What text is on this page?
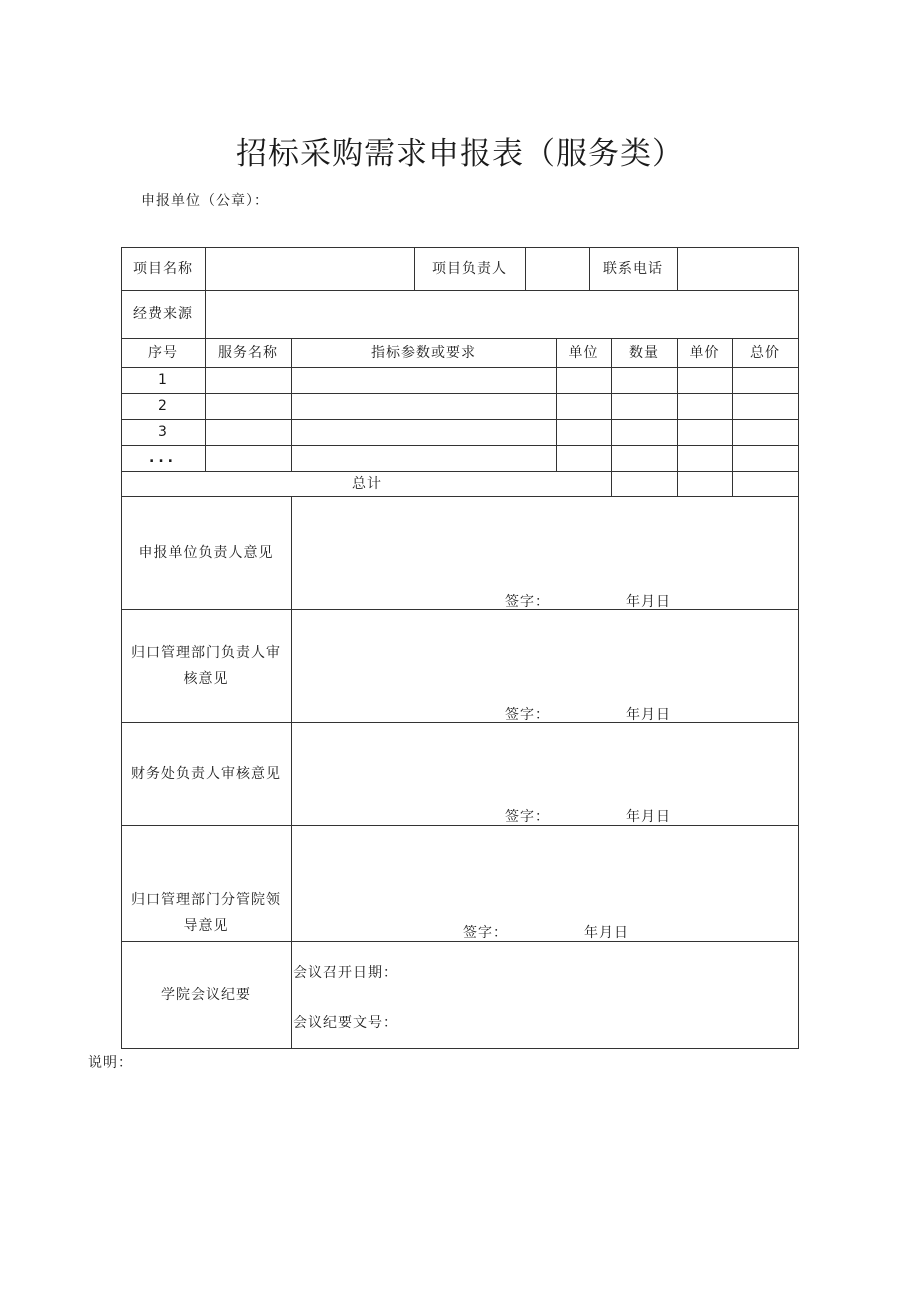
招标采购需求申报表（服务类）
申报单位（公章）：
项目名称	项目负责人	联系电话
经费来源
序号	服务名称	指标参数或要求	单位	数量	单价	总价
1
2
3
...
总计
申报单位负责人意见
签字：	年月日
归口管理部门负责人审核意见
签字：	年月日
财务处负责人审核意见
签字：	年月日
归口管理部门分管院领导意见	签字：	年月日
学院会议纪要
会议召开日期：
会议纪要文号：
说明：
